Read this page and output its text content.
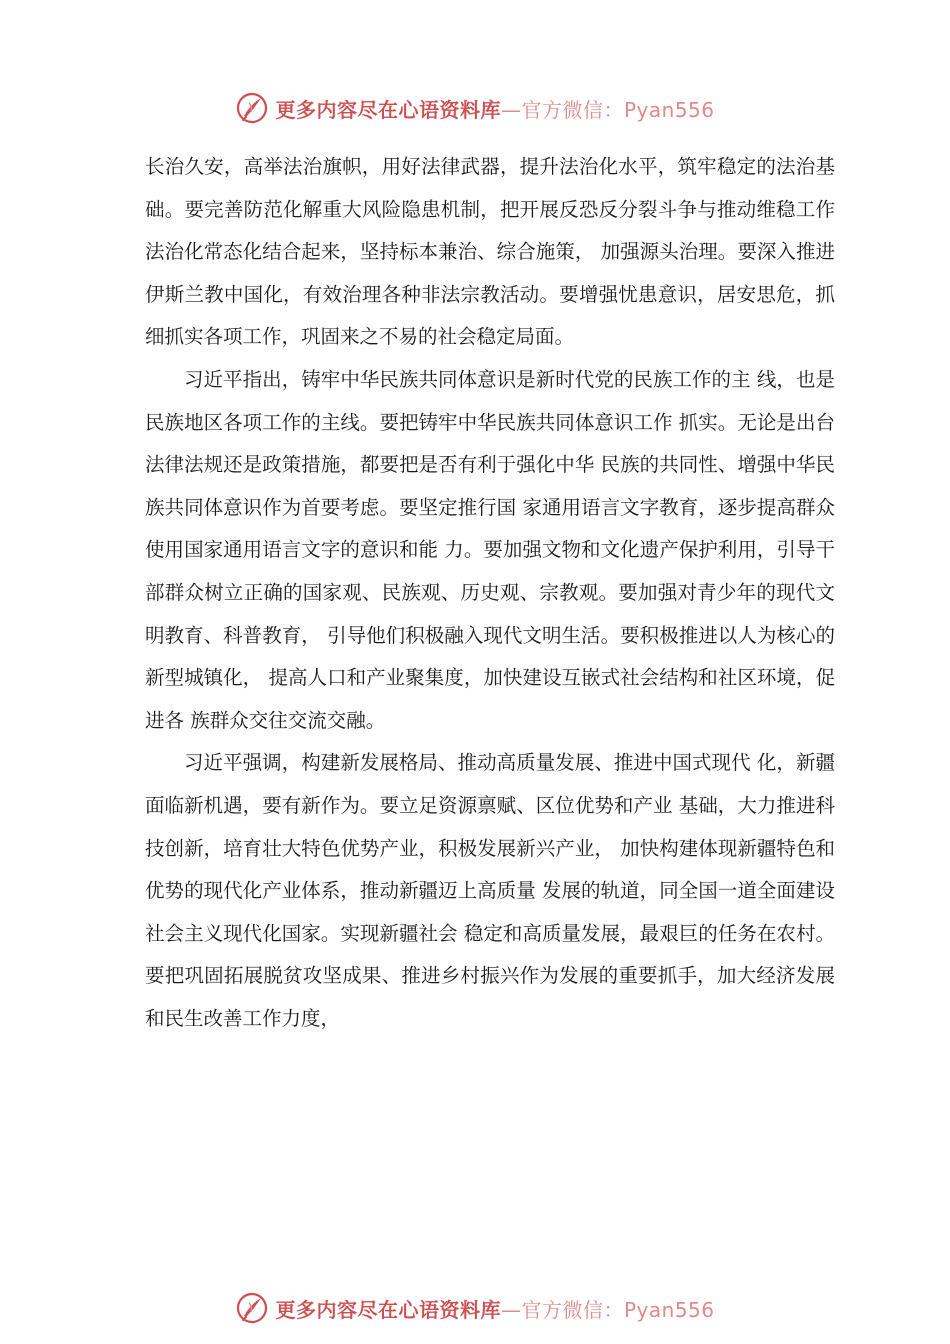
更多内容尽在心语资料库—官方微信：Pyan556

长治久安，高举法治旗帜，用好法律武器，提升法治化水平，筑牢稳定的法治基础。要完善防范化解重大风险隐患机制，把开展反恐反分裂斗争与推动维稳工作法治化常态化结合起来，坚持标本兼治、综合施策， 加强源头治理。要深入推进伊斯兰教中国化，有效治理各种非法宗教活动。要增强忧患意识，居安思危，抓细抓实各项工作，巩固来之不易的社会稳定局面。

习近平指出，铸牢中华民族共同体意识是新时代党的民族工作的主 线，也是民族地区各项工作的主线。要把铸牢中华民族共同体意识工作 抓实。无论是出台法律法规还是政策措施，都要把是否有利于强化中华 民族的共同性、增强中华民族共同体意识作为首要考虑。要坚定推行国 家通用语言文字教育，逐步提高群众使用国家通用语言文字的意识和能 力。要加强文物和文化遗产保护利用，引导干部群众树立正确的国家观、民族观、历史观、宗教观。要加强对青少年的现代文明教育、科普教育， 引导他们积极融入现代文明生活。要积极推进以人为核心的新型城镇化， 提高人口和产业聚集度，加快建设互嵌式社会结构和社区环境，促进各 族群众交往交流交融。

习近平强调，构建新发展格局、推动高质量发展、推进中国式现代 化，新疆面临新机遇，要有新作为。要立足资源禀赋、区位优势和产业 基础，大力推进科技创新，培育壮大特色优势产业，积极发展新兴产业， 加快构建体现新疆特色和优势的现代化产业体系，推动新疆迈上高质量 发展的轨道，同全国一道全面建设社会主义现代化国家。实现新疆社会 稳定和高质量发展，最艰巨的任务在农村。要把巩固拓展脱贫攻坚成果、推进乡村振兴作为发展的重要抓手，加大经济发展和民生改善工作力度，

更多内容尽在心语资料库—官方微信：Pyan556
